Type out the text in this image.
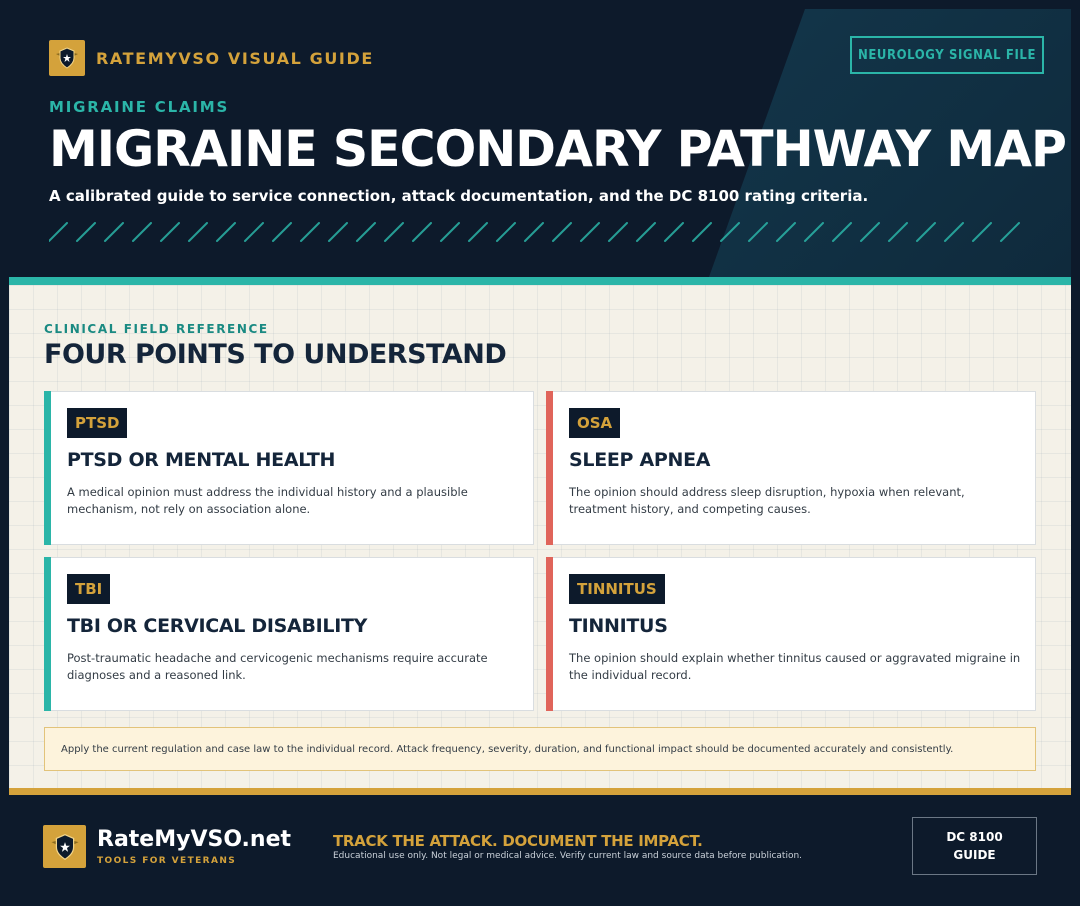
RATEMYVSO VISUAL GUIDE	NEUROLOGY SIGNAL FILE
MIGRAINE CLAIMS
MIGRAINE SECONDARY PATHWAY MAP
A calibrated guide to service connection, attack documentation, and the DC 8100 rating criteria.
CLINICAL FIELD REFERENCE
FOUR POINTS TO UNDERSTAND
PTSD
PTSD OR MENTAL HEALTH
A medical opinion must address the individual history and a plausible mechanism, not rely on association alone.
OSA
SLEEP APNEA
The opinion should address sleep disruption, hypoxia when relevant, treatment history, and competing causes.
TBI
TBI OR CERVICAL DISABILITY
Post-traumatic headache and cervicogenic mechanisms require accurate diagnoses and a reasoned link.
TINNITUS
TINNITUS
The opinion should explain whether tinnitus caused or aggravated migraine in the individual record.
Apply the current regulation and case law to the individual record. Attack frequency, severity, duration, and functional impact should be documented accurately and consistently.
RateMyVSO.net
TOOLS FOR VETERANS
TRACK THE ATTACK. DOCUMENT THE IMPACT.
Educational use only. Not legal or medical advice. Verify current law and source data before publication.
DC 8100
GUIDE
